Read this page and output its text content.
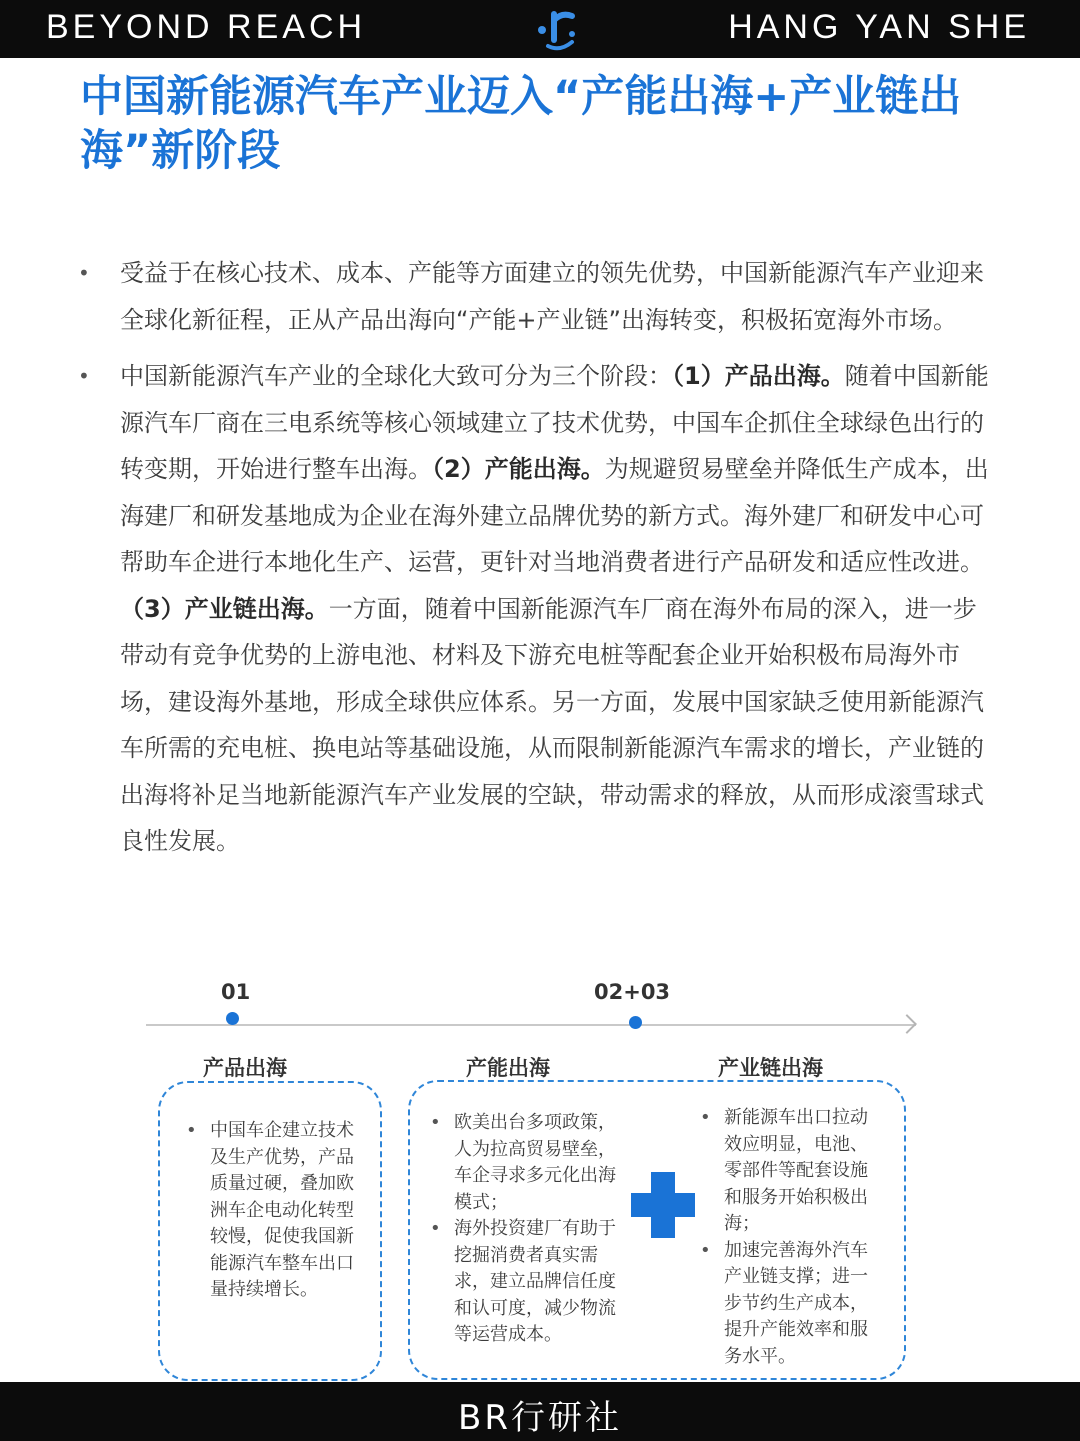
BEYOND REACH	HANG YAN SHE
中国新能源汽车产业迈入“产能出海+产业链出海”新阶段
• 受益于在核心技术、成本、产能等方面建立的领先优势，中国新能源汽车产业迎来全球化新征程，正从产品出海向“产能+产业链”出海转变，积极拓宽海外市场。
• 中国新能源汽车产业的全球化大致可分为三个阶段：（1）产品出海。随着中国新能源汽车厂商在三电系统等核心领域建立了技术优势，中国车企抓住全球绿色出行的转变期，开始进行整车出海。（2）产能出海。为规避贸易壁垒并降低生产成本，出海建厂和研发基地成为企业在海外建立品牌优势的新方式。海外建厂和研发中心可帮助车企进行本地化生产、运营，更针对当地消费者进行产品研发和适应性改进。（3）产业链出海。一方面，随着中国新能源汽车厂商在海外布局的深入，进一步带动有竞争优势的上游电池、材料及下游充电桩等配套企业开始积极布局海外市场，建设海外基地，形成全球供应体系。另一方面，发展中国家缺乏使用新能源汽车所需的充电桩、换电站等基础设施，从而限制新能源汽车需求的增长，产业链的出海将补足当地新能源汽车产业发展的空缺，带动需求的释放，从而形成滚雪球式良性发展。
01	02+03
产品出海	产能出海	产业链出海
• 中国车企建立技术及生产优势，产品质量过硬，叠加欧洲车企电动化转型较慢，促使我国新能源汽车整车出口量持续增长。
• 欧美出台多项政策，人为拉高贸易壁垒，车企寻求多元化出海模式；
• 海外投资建厂有助于挖掘消费者真实需求，建立品牌信任度和认可度，减少物流等运营成本。
• 新能源车出口拉动效应明显，电池、零部件等配套设施和服务开始积极出海；
• 加速完善海外汽车产业链支撑；进一步节约生产成本，提升产能效率和服务水平。
BR行研社
